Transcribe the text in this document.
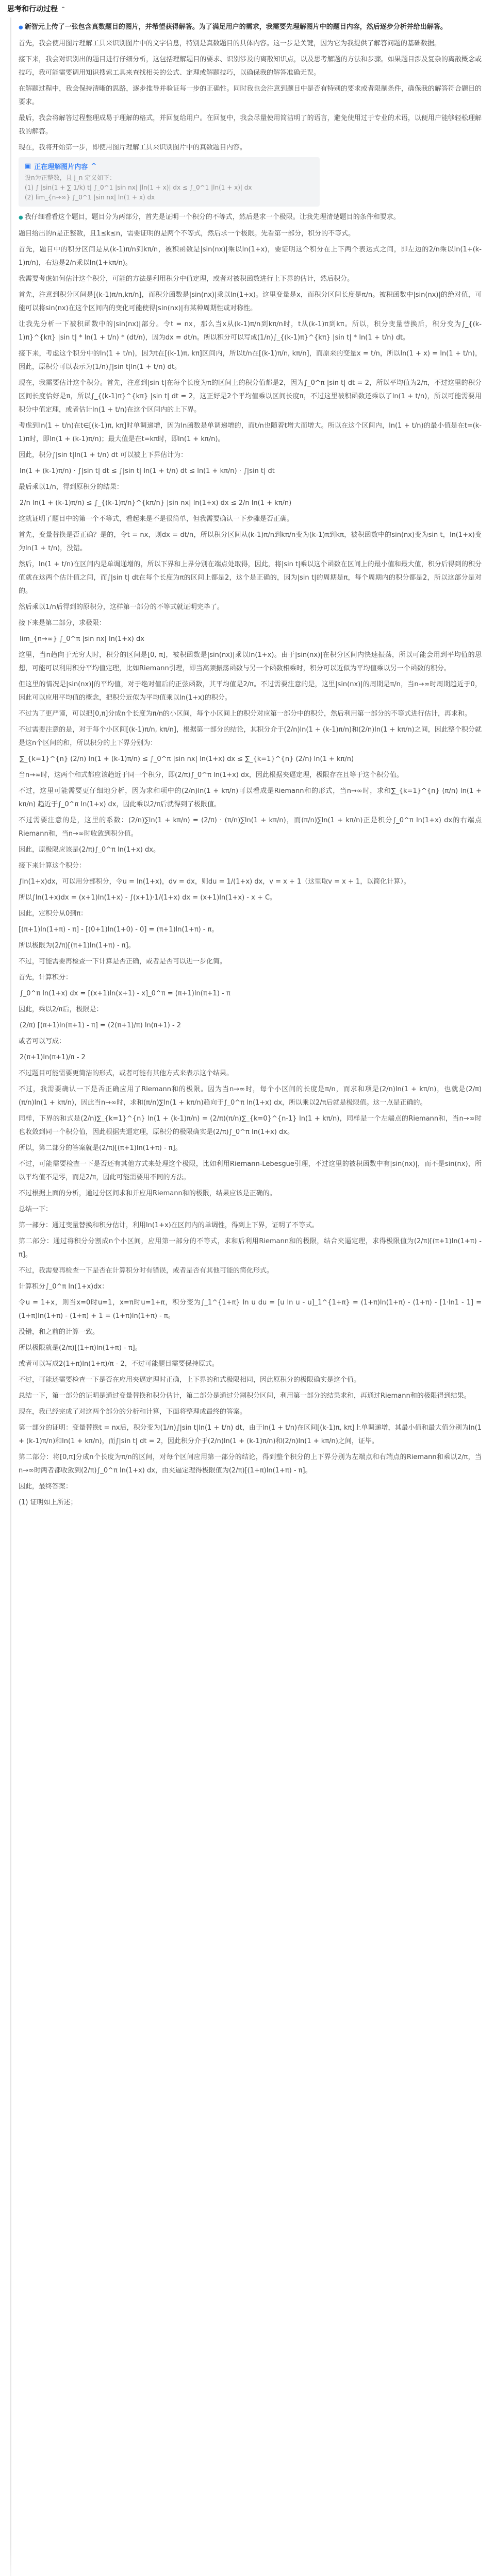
思考和行动过程 ^

● 新智元上传了一张包含真数题目的图片，并希望获得解答。为了满足用户的需求，我需要先理解图片中的题目内容，然后逐步分析并给出解答。

首先，我会使用图片理解工具来识别图片中的文字信息，特别是真数题目的具体内容。这一步是关键，因为它为我提供了解答问题的基础数据。

接下来，我会对识别出的题目进行仔细分析，这包括理解题目的要求、识别涉及的离散知识点，以及思考解题的方法和步骤。如果题目涉及复杂的离散概念或技巧，我可能需要调用知识搜索工具来查找相关的公式、定理或解题技巧，以确保我的解答准确无误。

在解题过程中，我会保持清晰的思路，逐步推导并验证每一步的正确性。同时我也会注意到题目中是否有特别的要求或者限制条件，确保我的解答符合题目的要求。

最后，我会将解答过程整理成易于理解的格式，并回复给用户。在回复中，我会尽量使用简洁明了的语言，避免使用过于专业的术语，以便用户能够轻松理解我的解答。

现在，我将开始第一步，即使用图片理解工具来识别图片中的真数题目内容。

▣ 正在理解图片内容 ^
设n为正整数，且 j_n 定义如下：
(1) ∫ |sin(1 + ∑ 1/k) t| ∫_0^1 |sin nx| |ln(1 + x)| dx ≤ ∫_0^1 |ln(1 + x)| dx
(2) lim_{n→∞} ∫_0^1 |sin nx| ln(1 + x) dx

● 我仔细看看这个题目，题目分为两部分，首先是证明一个积分的不等式，然后是求一个极限。让我先理清楚题目的条件和要求。

题目给出的n是正整数，且1≤k≤n，需要证明的是两个不等式，然后求一个极限。先看第一部分，积分的不等式。

首先，题目中的积分区间是从(k-1)π/n到kπ/n，被积函数是|sin(nx)|乘以ln(1+x)，要证明这个积分在上下两个表达式之间，即左边的2/n乘以ln(1+(k-1)π/n)，右边是2/n乘以ln(1+kπ/n)。

我需要考虑如何估计这个积分，可能的方法是利用积分中值定理，或者对被积函数进行上下界的估计，然后积分。

首先，注意到积分区间是[(k-1)π/n,kπ/n]，而积分函数是|sin(nx)|乘以ln(1+x)。这里变量是x，而积分区间长度是π/n。被积函数中|sin(nx)|的绝对值，可能可以将sin(nx)在这个区间内的变化可能使得|sin(nx)|有某种周期性或对称性。

让我先分析一下被积函数中的|sin(nx)|部分。令t = nx，那么当x从(k-1)π/n到kπ/n时，t从(k-1)π到kπ。所以，积分变量替换后，积分变为∫_{(k-1)π}^{kπ} |sin t| * ln(1 + t/n) * (dt/n)，因为dx = dt/n。所以积分可以写成(1/n)∫_{(k-1)π}^{kπ} |sin t| * ln(1 + t/n) dt。

接下来，考虑这个积分中的ln(1 + t/n)，因为t在[(k-1)π, kπ]区间内，所以t/n在[(k-1)π/n, kπ/n]，而原来的变量x = t/n，所以ln(1 + x) = ln(1 + t/n)，因此，原积分可以表示为(1/n)∫|sin t|ln(1 + t/n) dt。

现在，我需要估计这个积分。首先，注意到|sin t|在每个长度为π的区间上的积分值都是2，因为∫_0^π |sin t| dt = 2，所以平均值为2/π，不过这里的积分区间长度恰好是π，所以∫_{(k-1)π}^{kπ} |sin t| dt = 2，这正好是2个平均值乘以区间长度π，不过这里被积函数还乘以了ln(1 + t/n)，所以可能需要用积分中值定理，或者估计ln(1 + t/n)在这个区间内的上下界。

考虑到ln(1 + t/n)在t∈[(k-1)π, kπ]时单调递增，因为ln函数是单调递增的，而t/n也随着t增大而增大。所以在这个区间内，ln(1 + t/n)的最小值是在t=(k-1)π时，即ln(1 + (k-1)π/n)；最大值是在t=kπ时，即ln(1 + kπ/n)。

因此，积分∫|sin t|ln(1 + t/n) dt 可以被上下界估计为：

ln(1 + (k-1)π/n) · ∫|sin t| dt ≤ ∫|sin t| ln(1 + t/n) dt ≤ ln(1 + kπ/n) · ∫|sin t| dt

最后乘以1/n，得到原积分的结果：

2/n ln(1 + (k-1)π/n) ≤ ∫_{(k-1)π/n}^{kπ/n} |sin nx| ln(1+x) dx ≤ 2/n ln(1 + kπ/n)

这就证明了题目中的第一个不等式，看起来是不是很简单，但我需要确认一下步骤是否正确。

首先，变量替换是否正确？是的，令t = nx，则dx = dt/n，所以积分区间从(k-1)π/n到kπ/n变为(k-1)π到kπ，被积函数中的sin(nx)变为sin t，ln(1+x)变为ln(1 + t/n)，没错。

然后，ln(1 + t/n)在区间内是单调递增的，所以下界和上界分别在端点处取得，因此，将|sin t|乘以这个函数在区间上的最小值和最大值，积分后得到的积分值就在这两个估计值之间，而∫|sin t| dt在每个长度为π的区间上都是2，这个是正确的，因为|sin t|的周期是π，每个周期内的积分都是2，所以这部分是对的。

然后乘以1/n后得到的原积分，这样第一部分的不等式就证明完毕了。

接下来是第二部分，求极限：

lim_{n→∞} ∫_0^π |sin nx| ln(1+x) dx

这里，当n趋向于无穷大时，积分的区间是[0, π]，被积函数是|sin(nx)|乘以ln(1+x)。由于|sin(nx)|在积分区间内快速振荡，所以可能会用到平均值的思想，可能可以利用积分平均值定理，比如Riemann引理，即当高频振荡函数与另一个函数相乘时，积分可以近似为平均值乘以另一个函数的积分。

但这里的情况是|sin(nx)|的平均值，对于绝对值后的正弦函数，其平均值是2/π。不过需要注意的是，这里|sin(nx)|的周期是π/n，当n→∞时周期趋近于0，因此可以应用平均值的概念，把积分近似为平均值乘以ln(1+x)的积分。

不过为了更严谨，可以把[0,π]分成n个长度为π/n的小区间，每个小区间上的积分对应第一部分中的积分，然后利用第一部分的不等式进行估计，再求和。

不过需要注意的是，对于每个小区间[(k-1)π/n, kπ/n]，根据第一部分的结论，其积分介于(2/n)ln(1 + (k-1)π/n)和(2/n)ln(1 + kπ/n)之间，因此整个积分就是这n个区间的和，所以积分的上下界分别为：

∑_{k=1}^{n} (2/n) ln(1 + (k-1)π/n) ≤ ∫_0^π |sin nx| ln(1+x) dx ≤ ∑_{k=1}^{n} (2/n) ln(1 + kπ/n)

当n→∞时，这两个和式都应该趋近于同一个积分，即(2/π)∫_0^π ln(1+x) dx，因此根据夹逼定理，极限存在且等于这个积分值。

不过，这里可能需要更仔细地分析，因为求和项中的(2/n)ln(1 + kπ/n)可以看成是Riemann和的形式，当n→∞时，求和∑_{k=1}^{n} (π/n) ln(1 + kπ/n) 趋近于∫_0^π ln(1+x) dx，因此乘以2/π后就得到了极限值。

不过需要注意的是，这里的系数：(2/n)∑ln(1 + kπ/n) = (2/π) · (π/n)∑ln(1 + kπ/n)，而(π/n)∑ln(1 + kπ/n)正是积分∫_0^π ln(1+x) dx的右端点Riemann和，当n→∞时收敛到积分值。

因此，原极限应该是(2/π)∫_0^π ln(1+x) dx。

接下来计算这个积分：

∫ln(1+x)dx，可以用分部积分，令u = ln(1+x)，dv = dx，则du = 1/(1+x) dx，v = x + 1（这里取v = x + 1，以简化计算）。

所以∫ln(1+x)dx = (x+1)ln(1+x) - ∫(x+1)·1/(1+x) dx = (x+1)ln(1+x) - x + C。

因此，定积分从0到π：

[(π+1)ln(1+π) - π] - [(0+1)ln(1+0) - 0] = (π+1)ln(1+π) - π。

所以极限为(2/π)[(π+1)ln(1+π) - π]。

不过，可能需要再检查一下计算是否正确，或者是否可以进一步化简。

首先，计算积分：

∫_0^π ln(1+x) dx = [(x+1)ln(x+1) - x]_0^π = (π+1)ln(π+1) - π

因此，乘以2/π后，极限是：

(2/π) [(π+1)ln(π+1) - π] = (2(π+1)/π) ln(π+1) - 2

或者可以写成：

2(π+1)ln(π+1)/π - 2

不过题目可能需要更简洁的形式，或者可能有其他方式来表示这个结果。

不过，我需要确认一下是否正确应用了Riemann和的极限。因为当n→∞时，每个小区间的长度是π/n，而求和项是(2/n)ln(1 + kπ/n)，也就是(2/π)(π/n)ln(1 + kπ/n)，因此当n→∞时，求和(π/n)∑ln(1 + kπ/n)趋向于∫_0^π ln(1+x) dx，所以乘以2/π后就是极限值。这一点是正确的。

同样，下界的和式是(2/n)∑_{k=1}^{n} ln(1 + (k-1)π/n) = (2/π)(π/n)∑_{k=0}^{n-1} ln(1 + kπ/n)，同样是一个左端点的Riemann和，当n→∞时也收敛到同一个积分值，因此根据夹逼定理，原积分的极限确实是(2/π)∫_0^π ln(1+x) dx。

所以，第二部分的答案就是(2/π)[(π+1)ln(1+π) - π]。

不过，可能需要检查一下是否还有其他方式来处理这个极限，比如利用Riemann-Lebesgue引理，不过这里的被积函数中有|sin(nx)|，而不是sin(nx)，所以平均值不是零，而是2/π，因此可能需要用不同的方法。

不过根据上面的分析，通过分区间求和并应用Riemann和的极限，结果应该是正确的。

总结一下：

第一部分：通过变量替换和积分估计，利用ln(1+x)在区间内的单调性，得到上下界，证明了不等式。

第二部分：通过将积分分割成n个小区间，应用第一部分的不等式，求和后利用Riemann和的极限，结合夹逼定理，求得极限值为(2/π)[(π+1)ln(1+π) - π]。

不过，我需要再检查一下是否在计算积分时有错误，或者是否有其他可能的简化形式。

计算积分∫_0^π ln(1+x)dx：

令u = 1+x，则当x=0时u=1，x=π时u=1+π，积分变为∫_1^{1+π} ln u du = [u ln u - u]_1^{1+π} = (1+π)ln(1+π) - (1+π) - [1·ln1 - 1] = (1+π)ln(1+π) - (1+π) + 1 = (1+π)ln(1+π) - π。

没错，和之前的计算一致。

所以极限就是(2/π)[(1+π)ln(1+π) - π]。

或者可以写成2(1+π)ln(1+π)/π - 2，不过可能题目需要保持原式。

不过，可能还需要检查一下是否在应用夹逼定理时正确，上下界的和式极限相同，因此原积分的极限确实是这个值。

总结一下，第一部分的证明是通过变量替换和积分估计，第二部分是通过分割积分区间，利用第一部分的结果求和，再通过Riemann和的极限得到结果。

现在，我已经完成了对这两个部分的分析和计算，下面将整理成最终的答案。

第一部分的证明：变量替换t = nx后，积分变为(1/n)∫|sin t|ln(1 + t/n) dt，由于ln(1 + t/n)在区间[(k-1)π, kπ]上单调递增，其最小值和最大值分别为ln(1 + (k-1)π/n)和ln(1 + kπ/n)，而∫|sin t| dt = 2，因此积分介于(2/n)ln(1 + (k-1)π/n)和(2/n)ln(1 + kπ/n)之间，证毕。

第二部分：将[0,π]分成n个长度为π/n的区间，对每个区间应用第一部分的结论，得到整个积分的上下界分别为左端点和右端点的Riemann和乘以2/π，当n→∞时两者都收敛到(2/π)∫_0^π ln(1+x) dx，由夹逼定理得极限值为(2/π)[(1+π)ln(1+π) - π]。

因此，最终答案：

(1) 证明如上所述；
